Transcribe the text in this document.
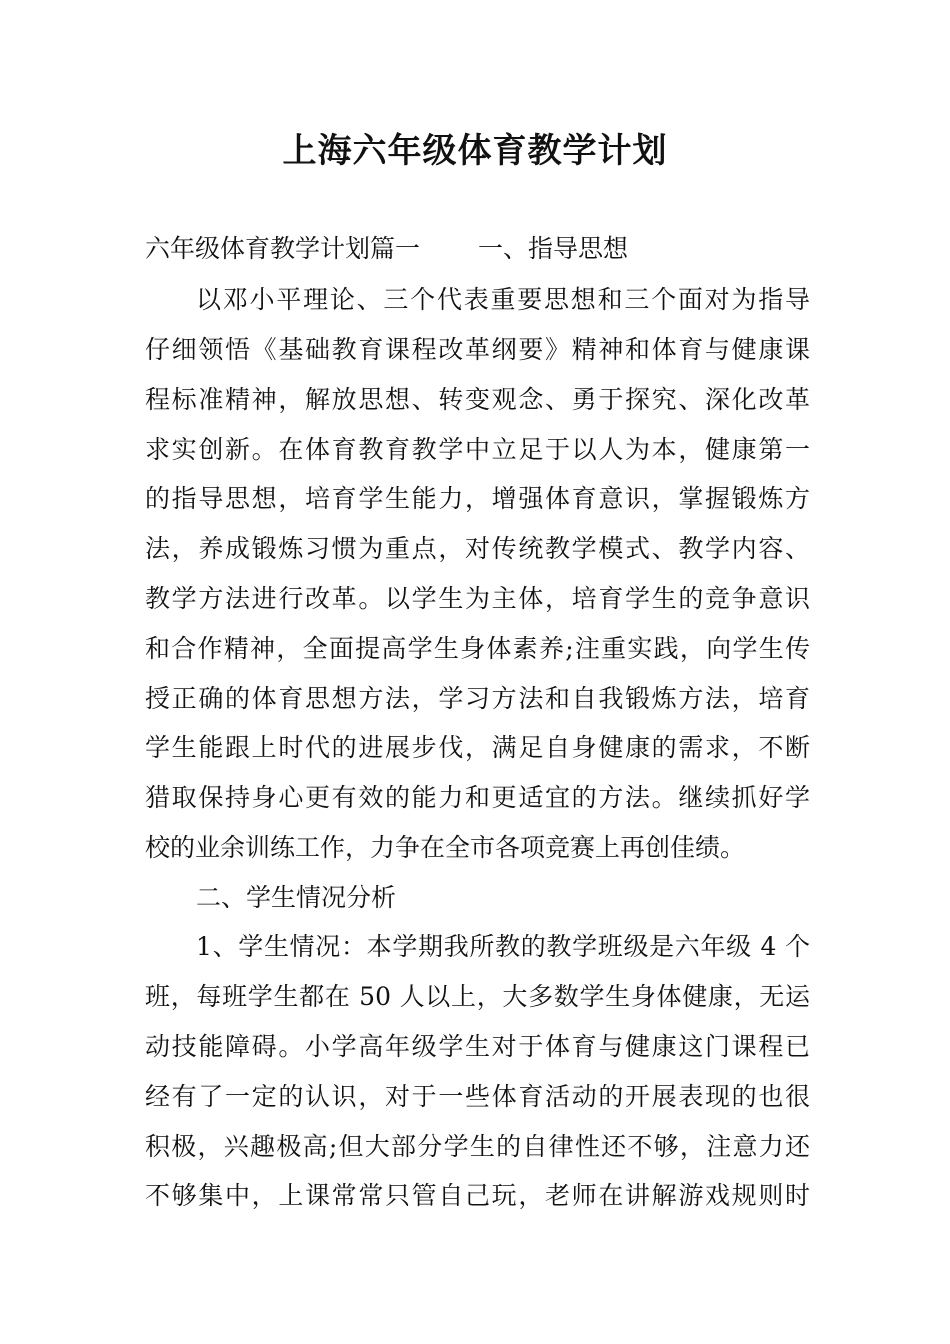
上海六年级体育教学计划
六年级体育教学计划篇一 一、指导思想
以邓小平理论、三个代表重要思想和三个面对为指导
仔细领悟《基础教育课程改革纲要》精神和体育与健康课
程标准精神，解放思想、转变观念、勇于探究、深化改革
求实创新。在体育教育教学中立足于以人为本，健康第一
的指导思想，培育学生能力，增强体育意识，掌握锻炼方
法，养成锻炼习惯为重点，对传统教学模式、教学内容、
教学方法进行改革。以学生为主体，培育学生的竞争意识
和合作精神，全面提高学生身体素养;注重实践，向学生传
授正确的体育思想方法，学习方法和自我锻炼方法，培育
学生能跟上时代的进展步伐，满足自身健康的需求，不断
猎取保持身心更有效的能力和更适宜的方法。继续抓好学
校的业余训练工作，力争在全市各项竞赛上再创佳绩。
二、学生情况分析
1、学生情况：本学期我所教的教学班级是六年级 4 个
班，每班学生都在 50 人以上，大多数学生身体健康，无运
动技能障碍。小学高年级学生对于体育与健康这门课程已
经有了一定的认识，对于一些体育活动的开展表现的也很
积极，兴趣极高;但大部分学生的自律性还不够，注意力还
不够集中，上课常常只管自己玩，老师在讲解游戏规则时
